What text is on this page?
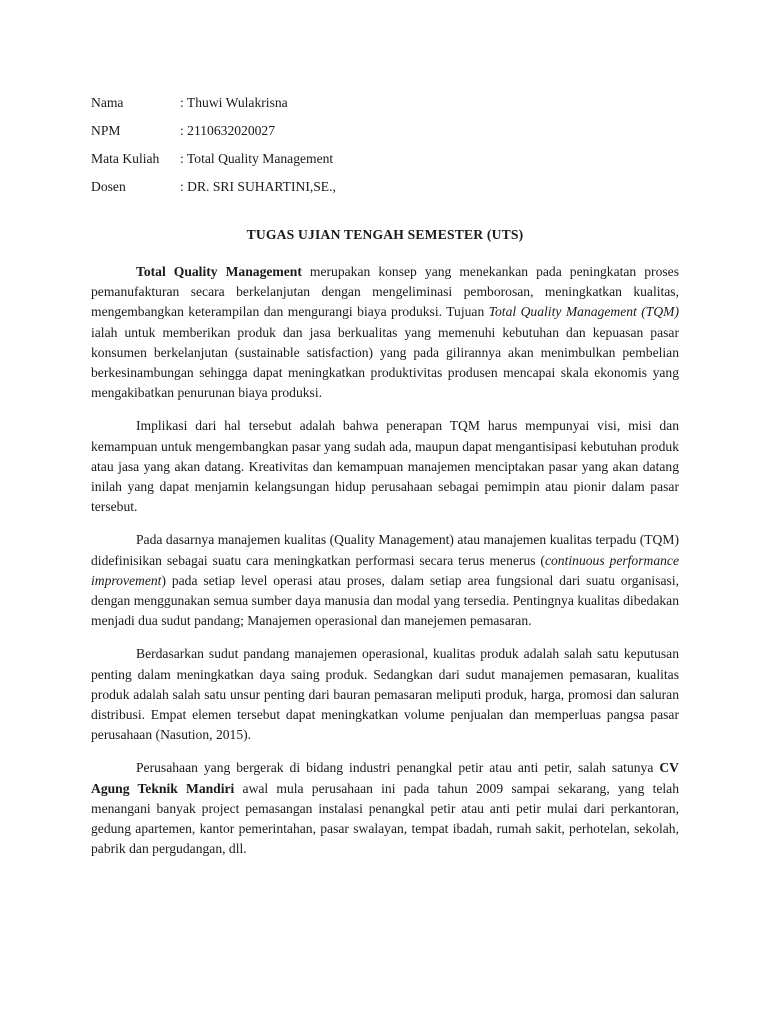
Nama	: Thuwi Wulakrisna
NPM	: 2110632020027
Mata Kuliah	: Total Quality Management
Dosen	: DR. SRI SUHARTINI,SE.,
TUGAS UJIAN TENGAH SEMESTER (UTS)

Total Quality Management merupakan konsep yang menekankan pada peningkatan proses pemanufakturan secara berkelanjutan dengan mengeliminasi pemborosan, meningkatkan kualitas, mengembangkan keterampilan dan mengurangi biaya produksi. Tujuan Total Quality Management (TQM) ialah untuk memberikan produk dan jasa berkualitas yang memenuhi kebutuhan dan kepuasan pasar konsumen berkelanjutan (sustainable satisfaction) yang pada gilirannya akan menimbulkan pembelian berkesinambungan sehingga dapat meningkatkan produktivitas produsen mencapai skala ekonomis yang mengakibatkan penurunan biaya produksi.

Implikasi dari hal tersebut adalah bahwa penerapan TQM harus mempunyai visi, misi dan kemampuan untuk mengembangkan pasar yang sudah ada, maupun dapat mengantisipasi kebutuhan produk atau jasa yang akan datang. Kreativitas dan kemampuan manajemen menciptakan pasar yang akan datang inilah yang dapat menjamin kelangsungan hidup perusahaan sebagai pemimpin atau pionir dalam pasar tersebut.

Pada dasarnya manajemen kualitas (Quality Management) atau manajemen kualitas terpadu (TQM) didefinisikan sebagai suatu cara meningkatkan performasi secara terus menerus (continuous performance improvement) pada setiap level operasi atau proses, dalam setiap area fungsional dari suatu organisasi, dengan menggunakan semua sumber daya manusia dan modal yang tersedia. Pentingnya kualitas dibedakan menjadi dua sudut pandang; Manajemen operasional dan manejemen pemasaran.

Berdasarkan sudut pandang manajemen operasional, kualitas produk adalah salah satu keputusan penting dalam meningkatkan daya saing produk. Sedangkan dari sudut manajemen pemasaran, kualitas produk adalah salah satu unsur penting dari bauran pemasaran meliputi produk, harga, promosi dan saluran distribusi. Empat elemen tersebut dapat meningkatkan volume penjualan dan memperluas pangsa pasar perusahaan (Nasution, 2015).

Perusahaan yang bergerak di bidang industri penangkal petir atau anti petir, salah satunya CV Agung Teknik Mandiri awal mula perusahaan ini pada tahun 2009 sampai sekarang, yang telah menangani banyak project pemasangan instalasi penangkal petir atau anti petir mulai dari perkantoran, gedung apartemen, kantor pemerintahan, pasar swalayan, tempat ibadah, rumah sakit, perhotelan, sekolah, pabrik dan pergudangan, dll.
